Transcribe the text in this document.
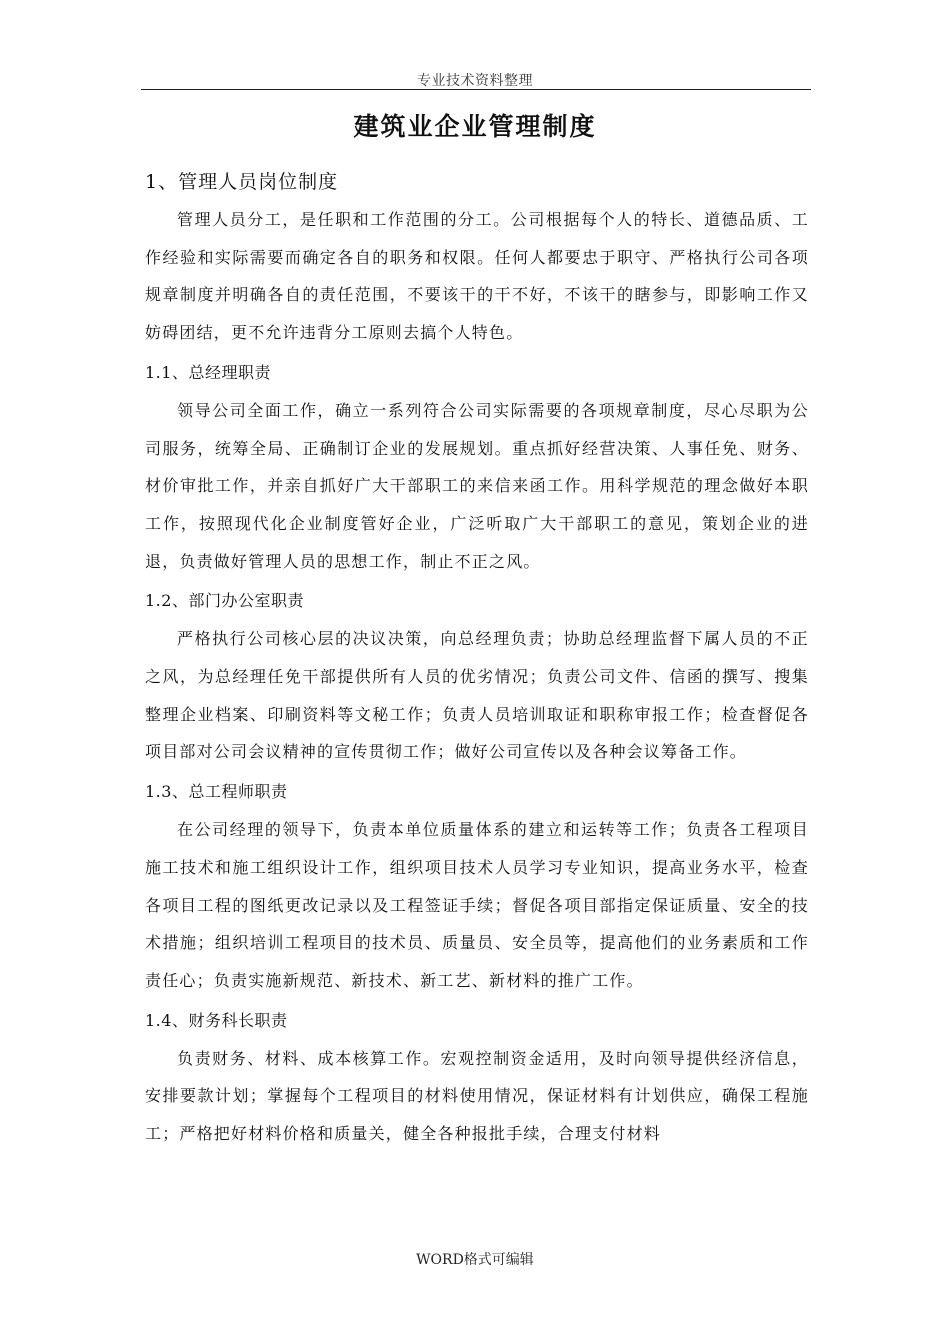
专业技术资料整理
建筑业企业管理制度
1、管理人员岗位制度

管理人员分工，是任职和工作范围的分工。公司根据每个人的特长、道德品质、工作经验和实际需要而确定各自的职务和权限。任何人都要忠于职守、严格执行公司各项规章制度并明确各自的责任范围，不要该干的干不好，不该干的瞎参与，即影响工作又妨碍团结，更不允许违背分工原则去搞个人特色。

1.1、总经理职责

领导公司全面工作，确立一系列符合公司实际需要的各项规章制度，尽心尽职为公司服务，统筹全局、正确制订企业的发展规划。重点抓好经营决策、人事任免、财务、材价审批工作，并亲自抓好广大干部职工的来信来函工作。用科学规范的理念做好本职工作，按照现代化企业制度管好企业，广泛听取广大干部职工的意见，策划企业的进退，负责做好管理人员的思想工作，制止不正之风。

1.2、部门办公室职责

严格执行公司核心层的决议决策，向总经理负责；协助总经理监督下属人员的不正之风，为总经理任免干部提供所有人员的优劣情况；负责公司文件、信函的撰写、搜集整理企业档案、印刷资料等文秘工作；负责人员培训取证和职称审报工作；检查督促各项目部对公司会议精神的宣传贯彻工作；做好公司宣传以及各种会议筹备工作。

1.3、总工程师职责

在公司经理的领导下，负责本单位质量体系的建立和运转等工作；负责各工程项目施工技术和施工组织设计工作，组织项目技术人员学习专业知识，提高业务水平，检查各项目工程的图纸更改记录以及工程签证手续；督促各项目部指定保证质量、安全的技术措施；组织培训工程项目的技术员、质量员、安全员等，提高他们的业务素质和工作责任心；负责实施新规范、新技术、新工艺、新材料的推广工作。

1.4、财务科长职责

负责财务、材料、成本核算工作。宏观控制资金适用，及时向领导提供经济信息，安排要款计划；掌握每个工程项目的材料使用情况，保证材料有计划供应，确保工程施工；严格把好材料价格和质量关，健全各种报批手续，合理支付材料

WORD格式可编辑
